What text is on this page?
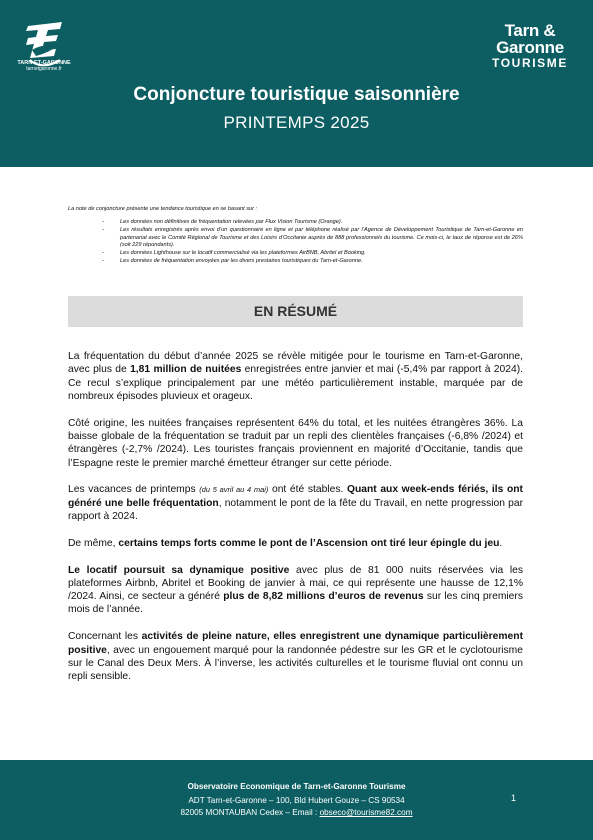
TARN-ET-GARONNE
tarnetgaronne.fr
Tarn &
Garonne
TOURISME
Conjoncture touristique saisonnière
PRINTEMPS 2025
La note de conjoncture présente une tendance touristique en se basant sur :
- Les données non définitives de fréquentation relevées par Flux Vision Tourisme (Orange).
- Les résultats enregistrés après envoi d’un questionnaire en ligne et par téléphone réalisé par l’Agence de Développement Touristique de Tarn-et-Garonne en partenariat avec le Comité Régional de Tourisme et des Loisirs d’Occitanie auprès de 888 professionnels du tourisme. Ce mois-ci, le taux de réponse est de 26% (soit 229 répondants).
- Les données Lighthouse sur le locatif commercialisé via les plateformes AirBNB, Abritel et Booking.
- Les données de fréquentation envoyées par les divers prestaires touristiques du Tarn-et-Garonne.
EN RÉSUMÉ

La fréquentation du début d’année 2025 se révèle mitigée pour le tourisme en Tarn-et-Garonne, avec plus de 1,81 million de nuitées enregistrées entre janvier et mai (-5,4% par rapport à 2024). Ce recul s’explique principalement par une météo particulièrement instable, marquée par de nombreux épisodes pluvieux et orageux.

Côté origine, les nuitées françaises représentent 64% du total, et les nuitées étrangères 36%. La baisse globale de la fréquentation se traduit par un repli des clientèles françaises (-6,8% /2024) et étrangères (-2,7% /2024). Les touristes français proviennent en majorité d’Occitanie, tandis que l’Espagne reste le premier marché émetteur étranger sur cette période.

Les vacances de printemps (du 5 avril au 4 mai) ont été stables. Quant aux week-ends fériés, ils ont généré une belle fréquentation, notamment le pont de la fête du Travail, en nette progression par rapport à 2024.

De même, certains temps forts comme le pont de l’Ascension ont tiré leur épingle du jeu.

Le locatif poursuit sa dynamique positive avec plus de 81 000 nuits réservées via les plateformes Airbnb, Abritel et Booking de janvier à mai, ce qui représente une hausse de 12,1% /2024. Ainsi, ce secteur a généré plus de 8,82 millions d’euros de revenus sur les cinq premiers mois de l’année.

Concernant les activités de pleine nature, elles enregistrent une dynamique particulièrement positive, avec un engouement marqué pour la randonnée pédestre sur les GR et le cyclotourisme sur le Canal des Deux Mers. À l’inverse, les activités culturelles et le tourisme fluvial ont connu un repli sensible.

Observatoire Economique de Tarn-et-Garonne Tourisme
ADT Tarn-et-Garonne – 100, Bld Hubert Gouze – CS 90534
82005 MONTAUBAN Cedex – Email : obseco@tourisme82.com
1
